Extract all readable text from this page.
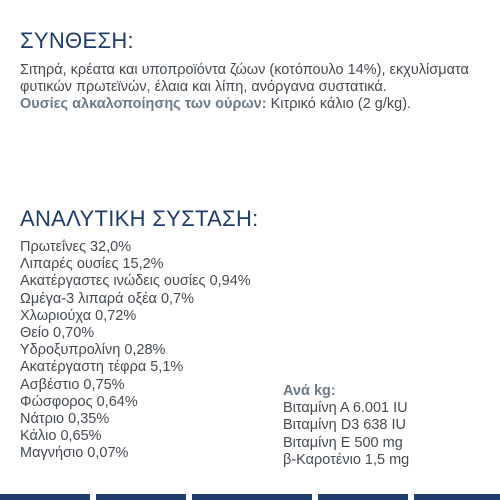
ΣΥΝΘΕΣΗ:
Σιτηρά, κρέατα και υποπροϊόντα ζώων (κοτόπουλο 14%), εκχυλίσματα φυτικών πρωτεϊνών, έλαια και λίπη, ανόργανα συστατικά.
Ουσίες αλκαλοποίησης των ούρων: Κιτρικό κάλιο (2 g/kg).
ΑΝΑΛΥΤΙΚΗ ΣΥΣΤΑΣΗ:
Πρωτεΐνες 32,0%
Λιπαρές ουσίες 15,2%
Ακατέργαστες ινώδεις ουσίες 0,94%
Ωμέγα-3 λιπαρά οξέα 0,7%
Χλωριούχα 0,72%
Θείο 0,70%
Υδροξυπρολίνη 0,28%
Ακατέργαστη τέφρα 5,1%
Ασβέστιο 0,75%
Φώσφορος 0,64%
Νάτριο 0,35%
Κάλιο 0,65%
Μαγνήσιο 0,07%
Ανά kg:
Βιταμίνη Α 6.001 IU
Βιταμίνη D3 638 IU
Βιταμίνη Ε 500 mg
β-Καροτένιο 1,5 mg
